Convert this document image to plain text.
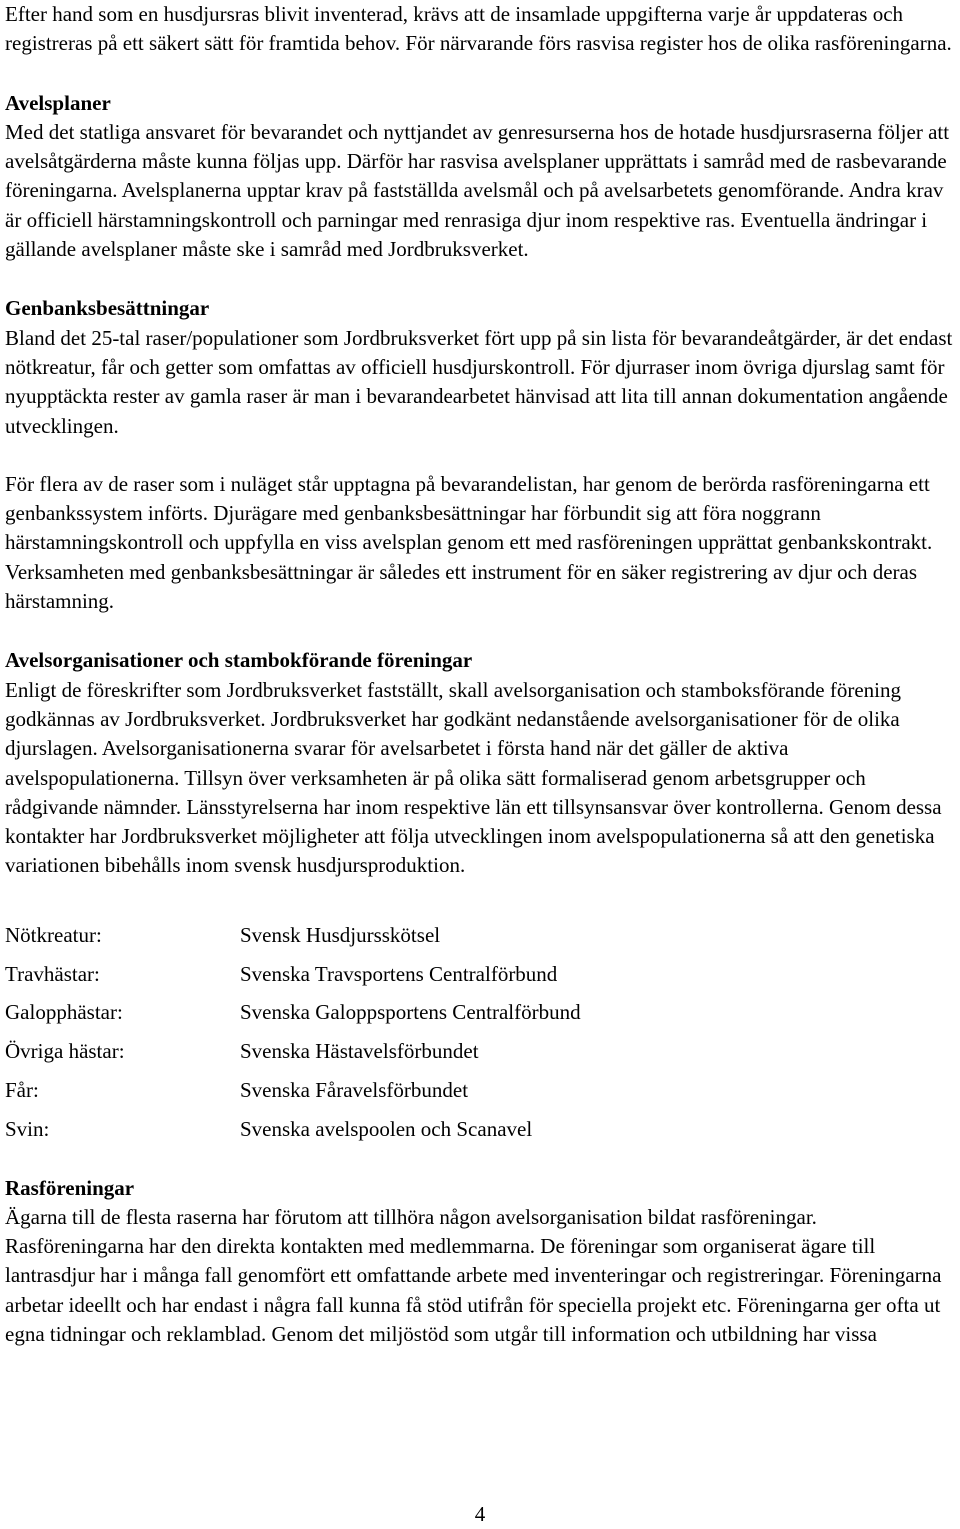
Efter hand som en husdjursras blivit inventerad, krävs att de insamlade uppgifterna varje år uppdateras och registreras på ett säkert sätt för framtida behov. För närvarande förs rasvisa register hos de olika rasföreningarna.

Avelsplaner

Med det statliga ansvaret för bevarandet och nyttjandet av genresurserna hos de hotade husdjursraserna följer att avelsåtgärderna måste kunna följas upp. Därför har rasvisa avelsplaner upprättats i samråd med de rasbevarande föreningarna. Avelsplanerna upptar krav på fastställda avelsmål och på avelsarbetets genomförande. Andra krav är officiell härstamningskontroll och parningar med renrasiga djur inom respektive ras. Eventuella ändringar i gällande avelsplaner måste ske i samråd med Jordbruksverket.

Genbanksbesättningar

Bland det 25-tal raser/populationer som Jordbruksverket fört upp på sin lista för bevarandeåtgärder, är det endast nötkreatur, får och getter som omfattas av officiell husdjurskontroll. För djurraser inom övriga djurslag samt för nyupptäckta rester av gamla raser är man i bevarandearbetet hänvisad att lita till annan dokumentation angående utvecklingen.

För flera av de raser som i nuläget står upptagna på bevarandelistan, har genom de berörda rasföreningarna ett genbankssystem införts. Djurägare med genbanksbesättningar har förbundit sig att föra noggrann härstamningskontroll och uppfylla en viss avelsplan genom ett med rasföreningen upprättat genbankskontrakt. Verksamheten med genbanksbesättningar är således ett instrument för en säker registrering av djur och deras härstamning.

Avelsorganisationer och stambokförande föreningar

Enligt de föreskrifter som Jordbruksverket fastställt, skall avelsorganisation och stamboksförande förening godkännas av Jordbruksverket. Jordbruksverket har godkänt nedanstående avelsorganisationer för de olika djurslagen. Avelsorganisationerna svarar för avelsarbetet i första hand när det gäller de aktiva avelspopulationerna. Tillsyn över verksamheten är på olika sätt formaliserad genom arbetsgrupper och rådgivande nämnder. Länsstyrelserna har inom respektive län ett tillsynsansvar över kontrollerna. Genom dessa kontakter har Jordbruksverket möjligheter att följa utvecklingen inom avelspopulationerna så att den genetiska variationen bibehålls inom svensk husdjursproduktion.

Nötkreatur:	Svensk Husdjursskötsel
Travhästar:	Svenska Travsportens Centralförbund
Galopphästar:	Svenska Galoppsportens Centralförbund
Övriga hästar:	Svenska Hästavelsförbundet
Får:	Svenska Fåravelsförbundet
Svin:	Svenska avelspoolen och Scanavel

Rasföreningar

Ägarna till de flesta raserna har förutom att tillhöra någon avelsorganisation bildat rasföreningar. Rasföreningarna har den direkta kontakten med medlemmarna. De föreningar som organiserat ägare till lantrasdjur har i många fall genomfört ett omfattande arbete med inventeringar och registreringar. Föreningarna arbetar ideellt och har endast i några fall kunna få stöd utifrån för speciella projekt etc. Föreningarna ger ofta ut egna tidningar och reklamblad. Genom det miljöstöd som utgår till information och utbildning har vissa

4
